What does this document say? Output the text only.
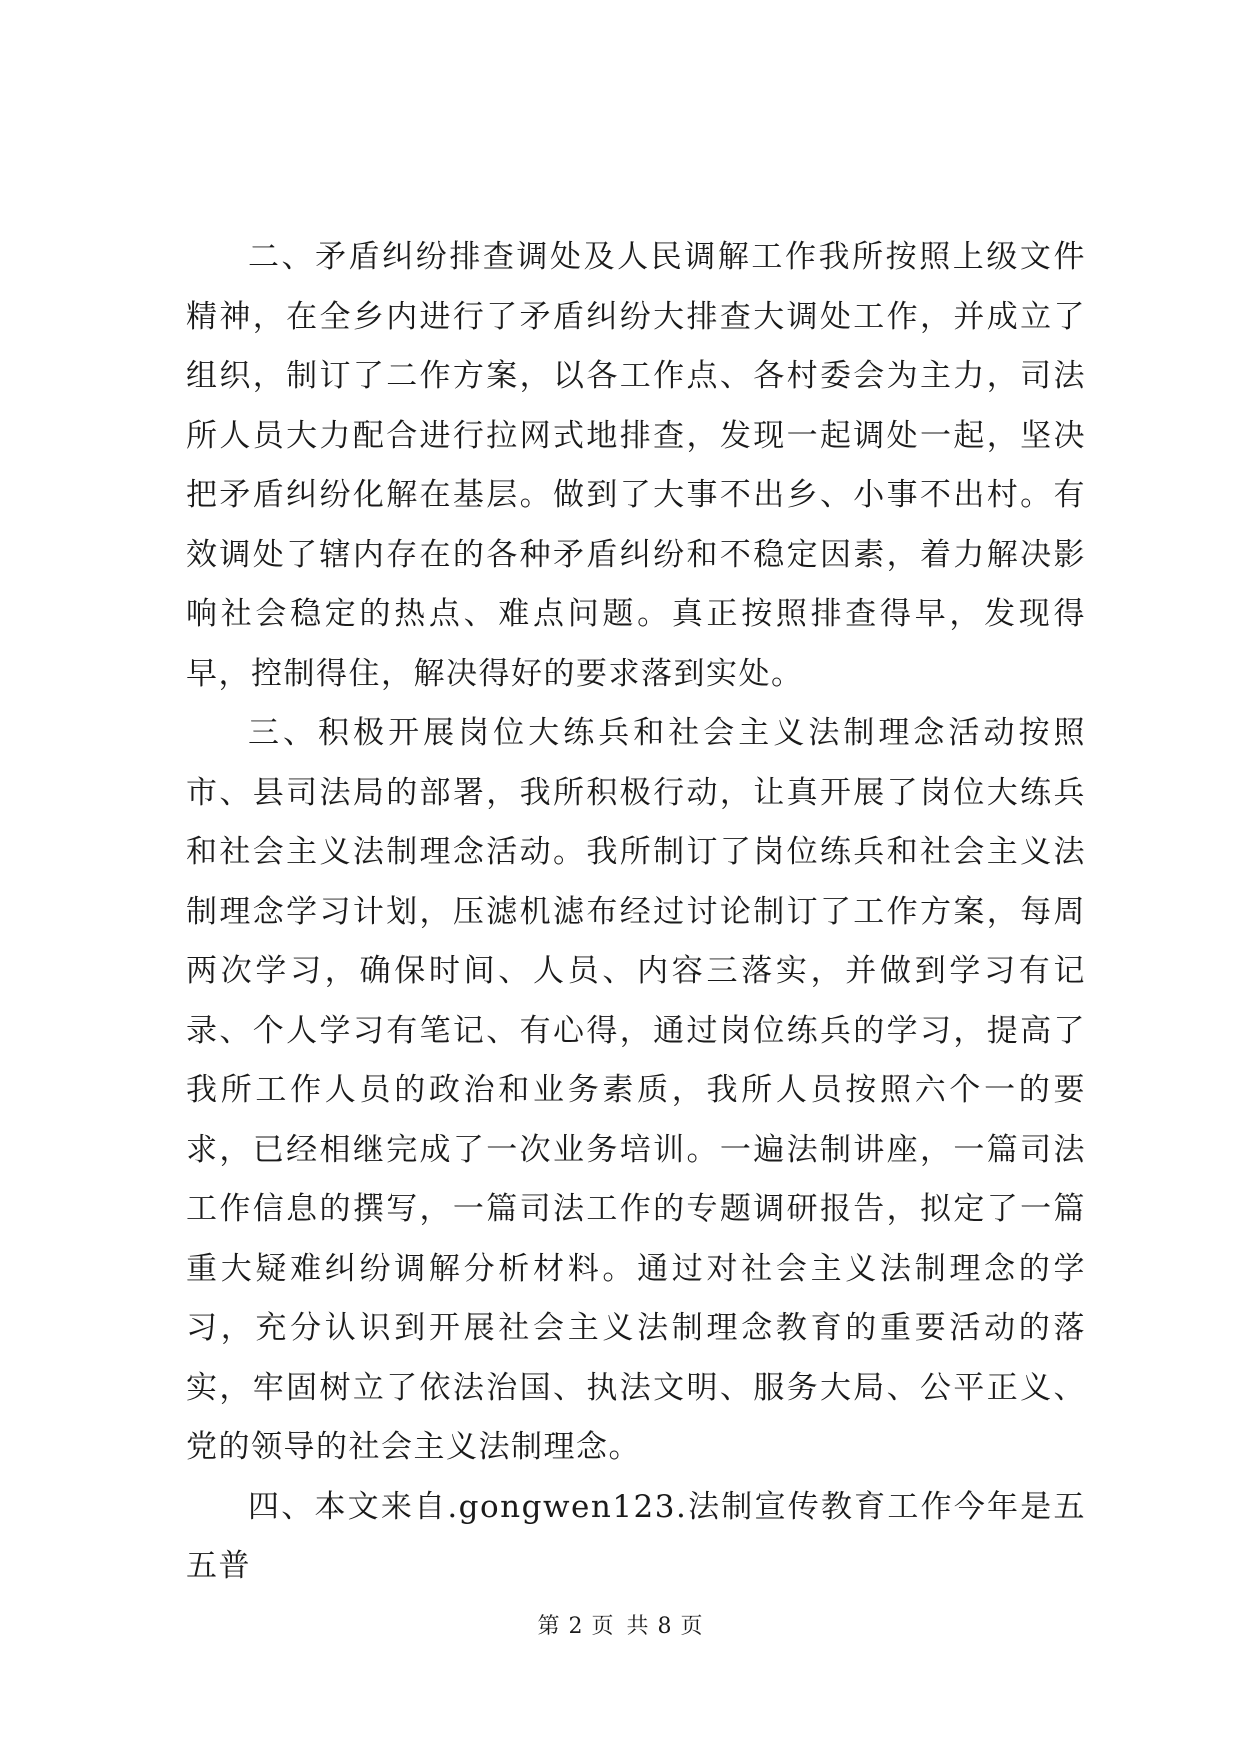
二、矛盾纠纷排查调处及人民调解工作我所按照上级文件精神，在全乡内进行了矛盾纠纷大排查大调处工作，并成立了组织，制订了二作方案，以各工作点、各村委会为主力，司法所人员大力配合进行拉网式地排查，发现一起调处一起，坚决把矛盾纠纷化解在基层。做到了大事不出乡、小事不出村。有效调处了辖内存在的各种矛盾纠纷和不稳定因素，着力解决影响社会稳定的热点、难点问题。真正按照排查得早，发现得早，控制得住，解决得好的要求落到实处。

三、积极开展岗位大练兵和社会主义法制理念活动按照市、县司法局的部署，我所积极行动，让真开展了岗位大练兵和社会主义法制理念活动。我所制订了岗位练兵和社会主义法制理念学习计划，压滤机滤布经过讨论制订了工作方案，每周两次学习，确保时间、人员、内容三落实，并做到学习有记录、个人学习有笔记、有心得，通过岗位练兵的学习，提高了我所工作人员的政治和业务素质，我所人员按照六个一的要求，已经相继完成了一次业务培训。一遍法制讲座，一篇司法工作信息的撰写，一篇司法工作的专题调研报告，拟定了一篇重大疑难纠纷调解分析材料。通过对社会主义法制理念的学习，充分认识到开展社会主义法制理念教育的重要活动的落实，牢固树立了依法治国、执法文明、服务大局、公平正义、党的领导的社会主义法制理念。

四、本文来自.gongwen123.法制宣传教育工作今年是五五普

第 2 页 共 8 页
